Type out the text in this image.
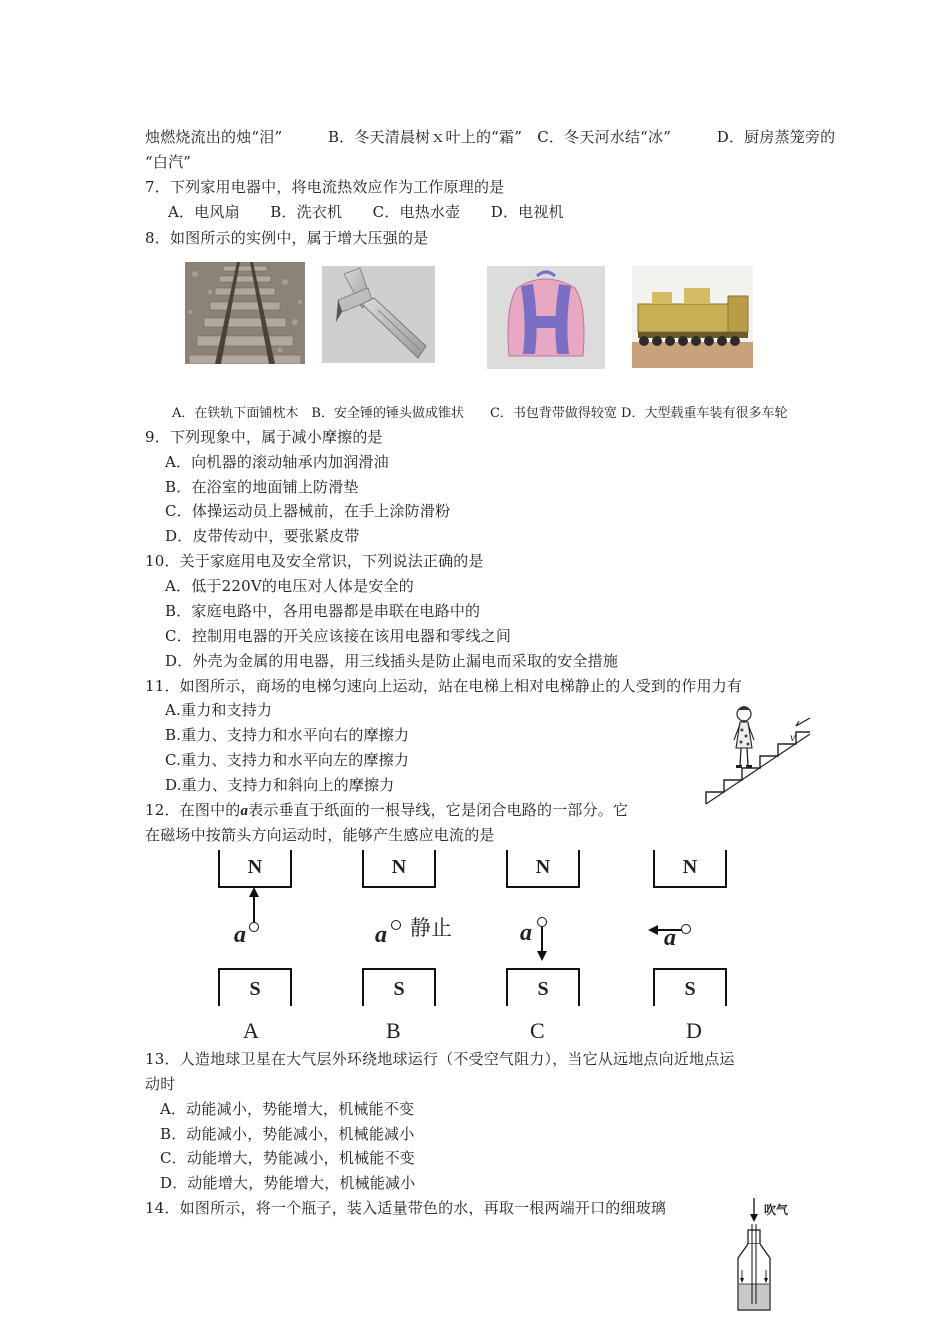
烛燃烧流出的烛“泪”　　　B．冬天清晨树ｘ叶上的“霜”　C．冬天河水结“冰”　　　D．厨房蒸笼旁的
“白汽”
7．下列家用电器中，将电流热效应作为工作原理的是
A．电风扇　　B．洗衣机　　C．电热水壶　　D．电视机
8．如图所示的实例中，属于增大压强的是
A．在铁轨下面铺枕木　B．安全锤的锤头做成锥状　　C．书包背带做得较宽 D．大型载重车装有很多车轮
9．下列现象中，属于减小摩擦的是
A．向机器的滚动轴承内加润滑油
B．在浴室的地面铺上防滑垫
C．体操运动员上器械前，在手上涂防滑粉
D．皮带传动中，要张紧皮带
10．关于家庭用电及安全常识，下列说法正确的是
A．低于220V的电压对人体是安全的
B．家庭电路中，各用电器都是串联在电路中的
C．控制用电器的开关应该接在该用电器和零线之间
D．外壳为金属的用电器，用三线插头是防止漏电而采取的安全措施
11．如图所示，商场的电梯匀速向上运动，站在电梯上相对电梯静止的人受到的作用力有
A.重力和支持力
B.重力、支持力和水平向右的摩擦力
C.重力、支持力和水平向左的摩擦力
D.重力、支持力和斜向上的摩擦力
v
12．在图中的a表示垂直于纸面的一根导线，它是闭合电路的一部分。它
在磁场中按箭头方向运动时，能够产生感应电流的是
N
S
a
A
N
S
a 静止
B
N
S
a
C
N
S
a
D
13．人造地球卫星在大气层外环绕地球运行（不受空气阻力），当它从远地点向近地点运
动时
A．动能减小，势能增大，机械能不变
B．动能减小，势能减小，机械能减小
C．动能增大，势能减小，机械能不变
D．动能增大，势能增大，机械能减小
14．如图所示，将一个瓶子，装入适量带色的水，再取一根两端开口的细玻璃	吹气
